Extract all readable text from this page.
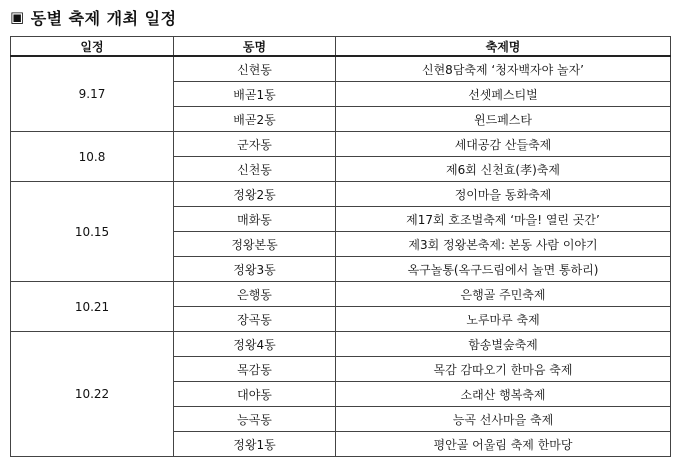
▣ 동별 축제 개최 일정
일정	동명	축제명
9.17	신현동	신현8담축제 ‘청자백자야 놀자’
	배곧1동	선셋페스티벌
	배곧2동	윈드페스타
10.8	군자동	세대공감 산들축제
	신천동	제6회 신천효(孝)축제
10.15	정왕2동	정이마을 동화축제
	매화동	제17회 호조벌축제 ‘마을! 열린 곳간’
	정왕본동	제3회 정왕본축제: 본동 사람 이야기
	정왕3동	옥구놀통(옥구드림에서 놀면 통하리)
10.21	은행동	은행골 주민축제
	장곡동	노루마루 축제
10.22	정왕4동	함송별숲축제
	목감동	목감 감따오기 한마음 축제
	대야동	소래산 행복축제
	능곡동	능곡 선사마을 축제
	정왕1동	평안골 어울림 축제 한마당
